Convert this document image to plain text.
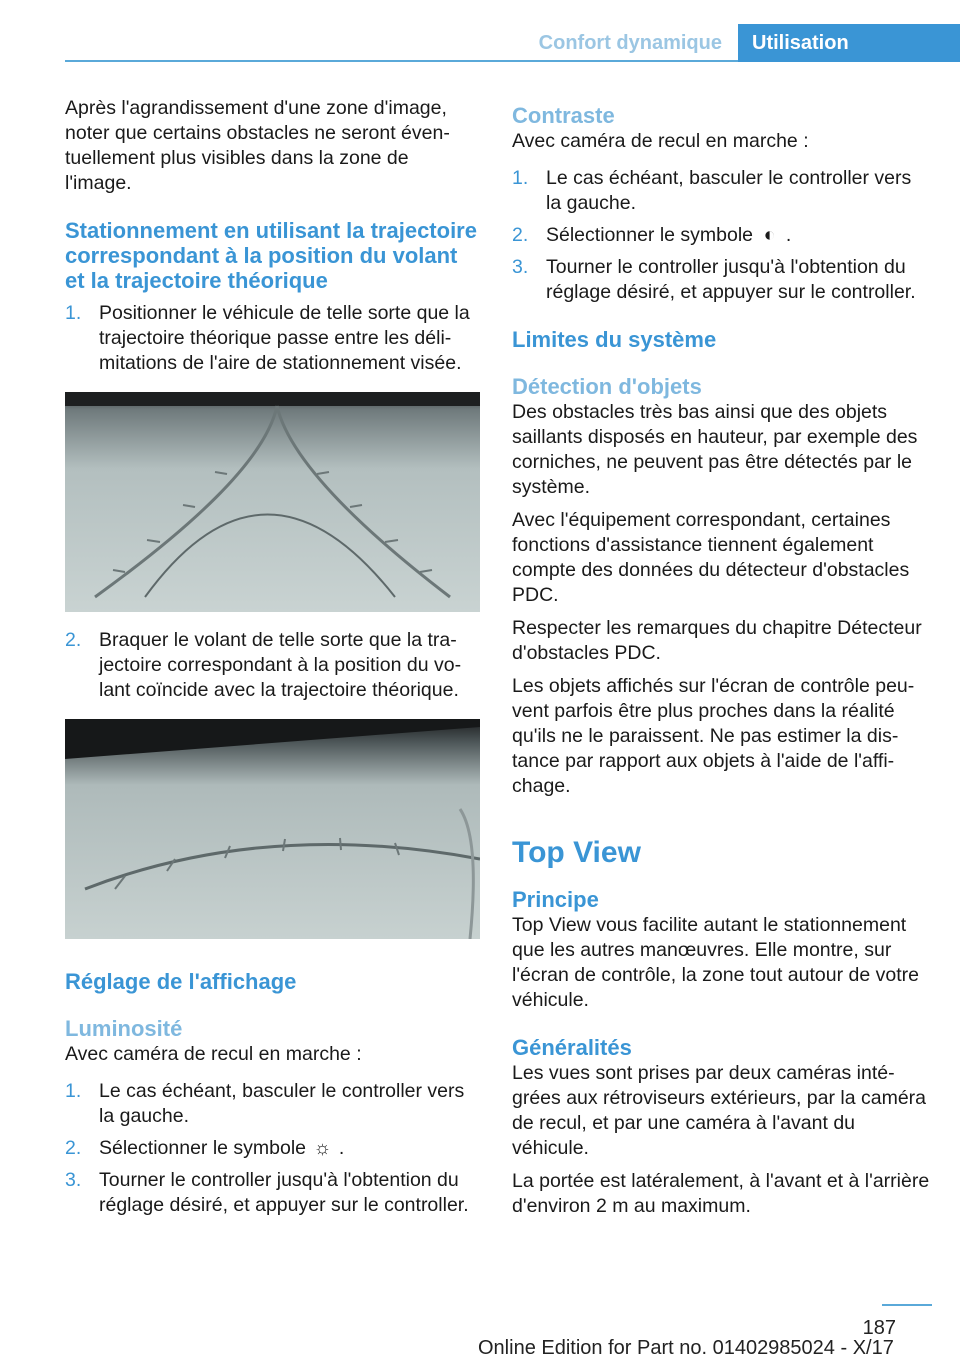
Confort dynamique	Utilisation

Après l'agrandissement d'une zone d'image, noter que certains obstacles ne seront éventuellement plus visibles dans la zone de l'image.

Stationnement en utilisant la trajectoire correspondant à la position du volant et la trajectoire théorique
1. Positionner le véhicule de telle sorte que la trajectoire théorique passe entre les délimitations de l'aire de stationnement visée.
2. Braquer le volant de telle sorte que la trajectoire correspondant à la position du volant coïncide avec la trajectoire théorique.
Réglage de l'affichage
Luminosité

Avec caméra de recul en marche :

1. Le cas échéant, basculer le controller vers la gauche.
2. Sélectionner le symbole ☼ .
3. Tourner le controller jusqu'à l'obtention du réglage désiré, et appuyer sur le controller.
Contraste

Avec caméra de recul en marche :

1. Le cas échéant, basculer le controller vers la gauche.
2. Sélectionner le symbole ◐ .
3. Tourner le controller jusqu'à l'obtention du réglage désiré, et appuyer sur le controller.
Limites du système
Détection d'objets

Des obstacles très bas ainsi que des objets saillants disposés en hauteur, par exemple des corniches, ne peuvent pas être détectés par le système.

Avec l'équipement correspondant, certaines fonctions d'assistance tiennent également compte des données du détecteur d'obstacles PDC.

Respecter les remarques du chapitre Détecteur d'obstacles PDC.

Les objets affichés sur l'écran de contrôle peuvent parfois être plus proches dans la réalité qu'ils ne le paraissent. Ne pas estimer la distance par rapport aux objets à l'aide de l'affichage.

Top View
Principe

Top View vous facilite autant le stationnement que les autres manœuvres. Elle montre, sur l'écran de contrôle, la zone tout autour de votre véhicule.

Généralités

Les vues sont prises par deux caméras intégrées aux rétroviseurs extérieurs, par la caméra de recul, et par une caméra à l'avant du véhicule.

La portée est latéralement, à l'avant et à l'arrière d'environ 2 m au maximum.

187
Online Edition for Part no. 01402985024 - X/17
